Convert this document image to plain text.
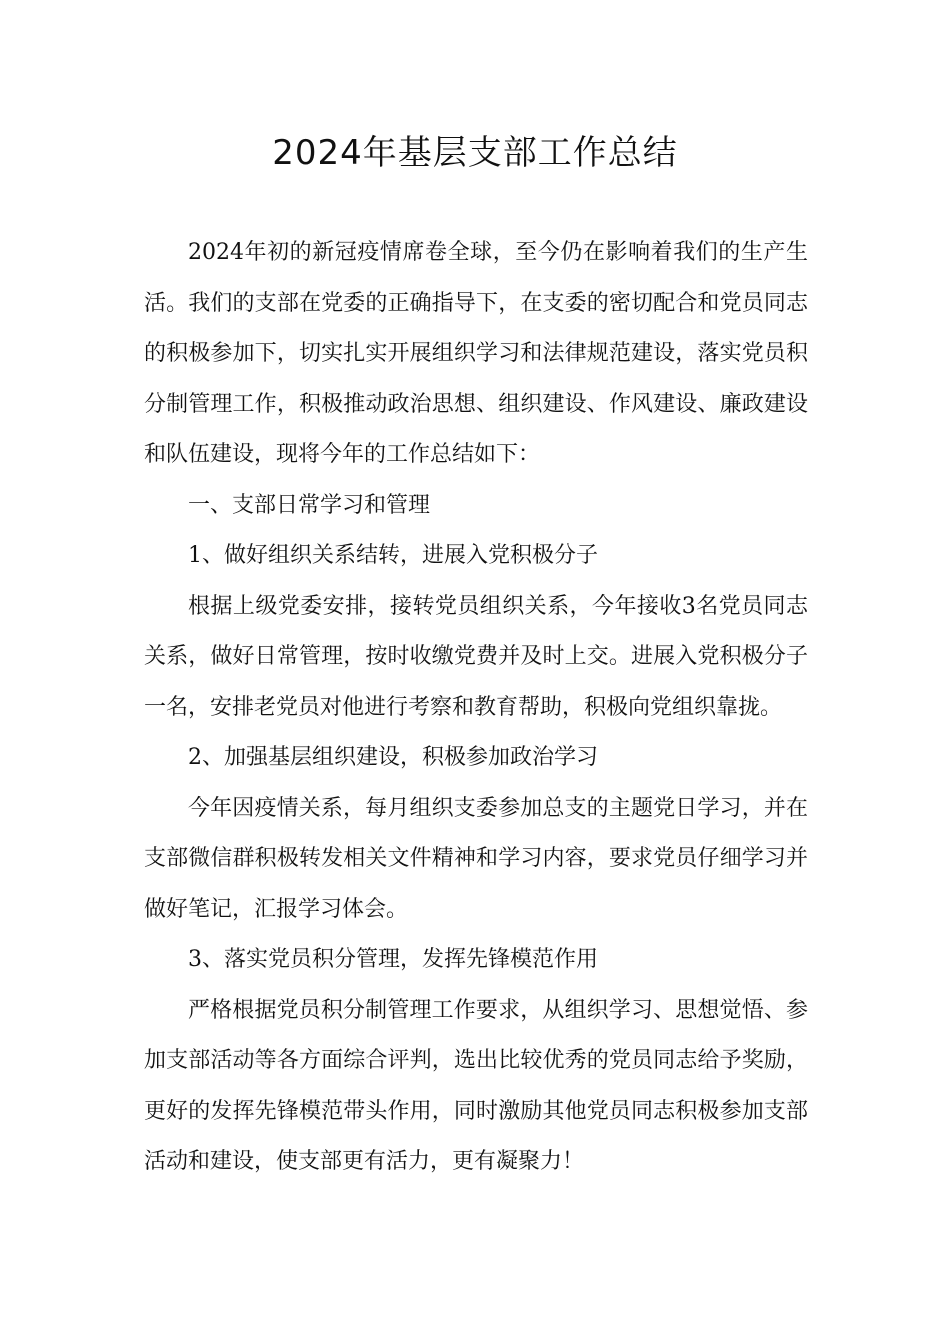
2024年基层支部工作总结

2024年初的新冠疫情席卷全球，至今仍在影响着我们的生产生活。我们的支部在党委的正确指导下，在支委的密切配合和党员同志的积极参加下，切实扎实开展组织学习和法律规范建设，落实党员积分制管理工作，积极推动政治思想、组织建设、作风建设、廉政建设和队伍建设，现将今年的工作总结如下：

一、支部日常学习和管理

1、做好组织关系结转，进展入党积极分子

根据上级党委安排，接转党员组织关系，今年接收3名党员同志关系，做好日常管理，按时收缴党费并及时上交。进展入党积极分子一名，安排老党员对他进行考察和教育帮助，积极向党组织靠拢。

2、加强基层组织建设，积极参加政治学习

今年因疫情关系，每月组织支委参加总支的主题党日学习，并在支部微信群积极转发相关文件精神和学习内容，要求党员仔细学习并做好笔记，汇报学习体会。

3、落实党员积分管理，发挥先锋模范作用

严格根据党员积分制管理工作要求，从组织学习、思想觉悟、参加支部活动等各方面综合评判，选出比较优秀的党员同志给予奖励，更好的发挥先锋模范带头作用，同时激励其他党员同志积极参加支部活动和建设，使支部更有活力，更有凝聚力！
